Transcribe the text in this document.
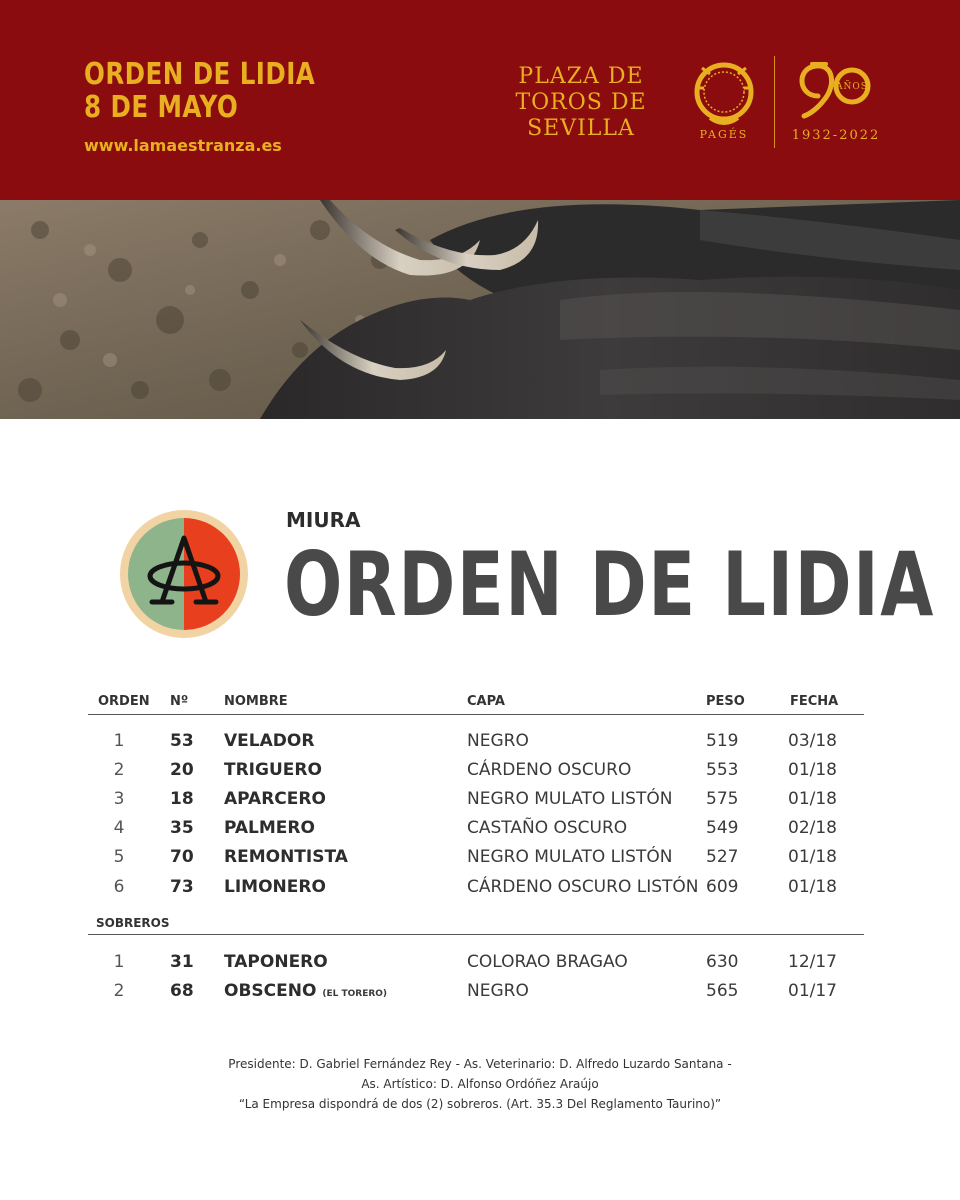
ORDEN DE LIDIA
8 DE MAYO
www.lamaestranza.es
PLAZA DE
TOROS DE
SEVILLA	PAGÉS
AÑOS
1932-2022
MIURA
ORDEN DE LIDIA
ORDEN Nº	NOMBRE	CAPA	PESO	FECHA
1	53 VELADOR	NEGRO	519	03/18
2	20 TRIGUERO	CÁRDENO OSCURO	553	01/18
3	18 APARCERO	NEGRO MULATO LISTÓN 575	01/18
4	35 PALMERO	CASTAÑO OSCURO	549	02/18
5	70 REMONTISTA	NEGRO MULATO LISTÓN 527	01/18
6	73 LIMONERO	CÁRDENO OSCURO LISTÓN 609	01/18
SOBREROS
1	31 TAPONERO	COLORAO BRAGAO	630	12/17
2	68 OBSCENO (EL TORERO)	NEGRO	565	01/17
Presidente: D. Gabriel Fernández Rey - As. Veterinario: D. Alfredo Luzardo Santana -
As. Artístico: D. Alfonso Ordóñez Araújo
“La Empresa dispondrá de dos (2) sobreros. (Art. 35.3 Del Reglamento Taurino)”
